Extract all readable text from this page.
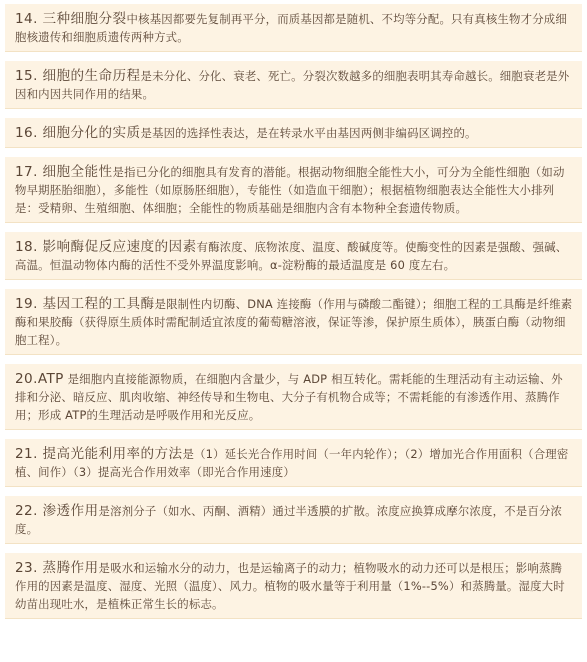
14. 三种细胞分裂中核基因都要先复制再平分，而质基因都是随机、不均等分配。只有真核生物才分成细胞核遗传和细胞质遗传两种方式。
15. 细胞的生命历程是未分化、分化、衰老、死亡。分裂次数越多的细胞表明其寿命越长。细胞衰老是外因和内因共同作用的结果。
16. 细胞分化的实质是基因的选择性表达，是在转录水平由基因两侧非编码区调控的。
17. 细胞全能性是指已分化的细胞具有发育的潜能。根据动物细胞全能性大小，可分为全能性细胞（如动物早期胚胎细胞），多能性（如原肠胚细胞），专能性（如造血干细胞）；根据植物细胞表达全能性大小排列是：受精卵、生殖细胞、体细胞；全能性的物质基础是细胞内含有本物种全套遗传物质。
18. 影响酶促反应速度的因素有酶浓度、底物浓度、温度、酸碱度等。使酶变性的因素是强酸、强碱、高温。恒温动物体内酶的活性不受外界温度影响。α-淀粉酶的最适温度是 60 度左右。
19. 基因工程的工具酶是限制性内切酶、DNA 连接酶（作用与磷酸二酯键）；细胞工程的工具酶是纤维素酶和果胶酶（获得原生质体时需配制适宜浓度的葡萄糖溶液，保证等渗，保护原生质体），胰蛋白酶（动物细胞工程）。
20.ATP 是细胞内直接能源物质，在细胞内含量少，与 ADP 相互转化。需耗能的生理活动有主动运输、外排和分泌、暗反应、肌肉收缩、神经传导和生物电、大分子有机物合成等；不需耗能的有渗透作用、蒸腾作用；形成 ATP的生理活动是呼吸作用和光反应。
21. 提高光能利用率的方法是（1）延长光合作用时间（一年内轮作）；（2）增加光合作用面积（合理密植、间作）（3）提高光合作用效率（即光合作用速度）
22. 渗透作用是溶剂分子（如水、丙酮、酒精）通过半透膜的扩散。浓度应换算成摩尔浓度，不是百分浓度。
23. 蒸腾作用是吸水和运输水分的动力，也是运输离子的动力；植物吸水的动力还可以是根压；影响蒸腾作用的因素是温度、湿度、光照（温度）、风力。植物的吸水量等于利用量（1%--5%）和蒸腾量。湿度大时幼苗出现吐水，是植株正常生长的标志。
